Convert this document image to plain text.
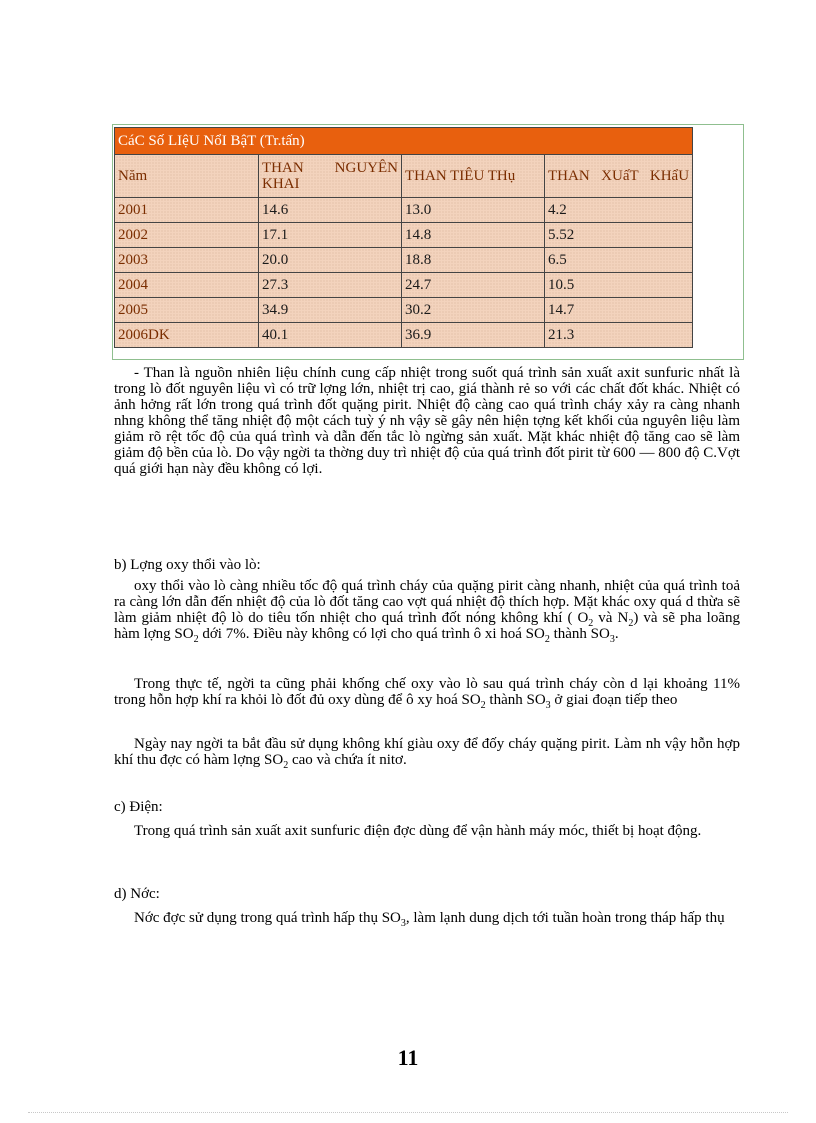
CáC Số LIệU NổI BậT (Tr.tấn)			
Năm	THAN NGUYÊN KHAI	THAN TIÊU THụ	THAN XUấT KHẩU
2001	14.6	13.0	4.2
2002	17.1	14.8	5.52
2003	20.0	18.8	6.5
2004	27.3	24.7	10.5
2005	34.9	30.2	14.7
2006DK	40.1	36.9	21.3

- Than là nguồn nhiên liệu chính cung cấp nhiệt trong suốt quá trình sản xuất axit sunfuric nhất là trong lò đốt nguyên liệu vì có trữ lợng lớn, nhiệt trị cao, giá thành rẻ so với các chất đốt khác. Nhiệt có ảnh hởng rất lớn trong quá trình đốt quặng pirit. Nhiệt độ càng cao quá trình cháy xảy ra càng nhanh nhng không thể tăng nhiệt độ một cách tuỳ ý nh vậy sẽ gây nên hiện tợng kết khối của nguyên liệu làm giảm rõ rệt tốc độ của quá trình và dẫn đến tắc lò ngừng sản xuất. Mặt khác nhiệt độ tăng cao sẽ làm giảm độ bền của lò. Do vậy ngời ta thờng duy trì nhiệt độ của quá trình đốt pirit từ 600 — 800 độ C.Vợt quá giới hạn này đều không có lợi.

b) Lợng oxy thổi vào lò:

oxy thổi vào lò càng nhiều tốc độ quá trình cháy của quặng pirit càng nhanh, nhiệt của quá trình toả ra càng lớn dẫn đến nhiệt độ của lò đốt tăng cao vợt quá nhiệt độ thích hợp. Mặt khác oxy quá d thừa sẽ làm giảm nhiệt độ lò do tiêu tốn nhiệt cho quá trình đốt nóng không khí ( $O_2$ và $N_2$) và sẽ pha loãng hàm lợng $SO_2$ dới 7%. Điều này không có lợi cho quá trình ô xi hoá $SO_2$ thành $SO_3$.

Trong thực tế, ngời ta cũng phải khống chế oxy vào lò sau quá trình cháy còn d lại khoảng 11% trong hỗn hợp khí ra khỏi lò đốt đủ oxy dùng để ô xy hoá $SO_2$ thành $SO_3$ ở giai đoạn tiếp theo

Ngày nay ngời ta bắt đầu sử dụng không khí giàu oxy để đốy cháy quặng pirit. Làm nh vậy hỗn hợp khí thu đợc có hàm lợng $SO_2$ cao và chứa ít nitơ.

c) Điện:

Trong quá trình sản xuất axit sunfuric điện đợc dùng để vận hành máy móc, thiết bị hoạt động.

d) Nớc:

Nớc đợc sử dụng trong quá trình hấp thụ $SO_3$, làm lạnh dung dịch tới tuần hoàn trong tháp hấp thụ

11
